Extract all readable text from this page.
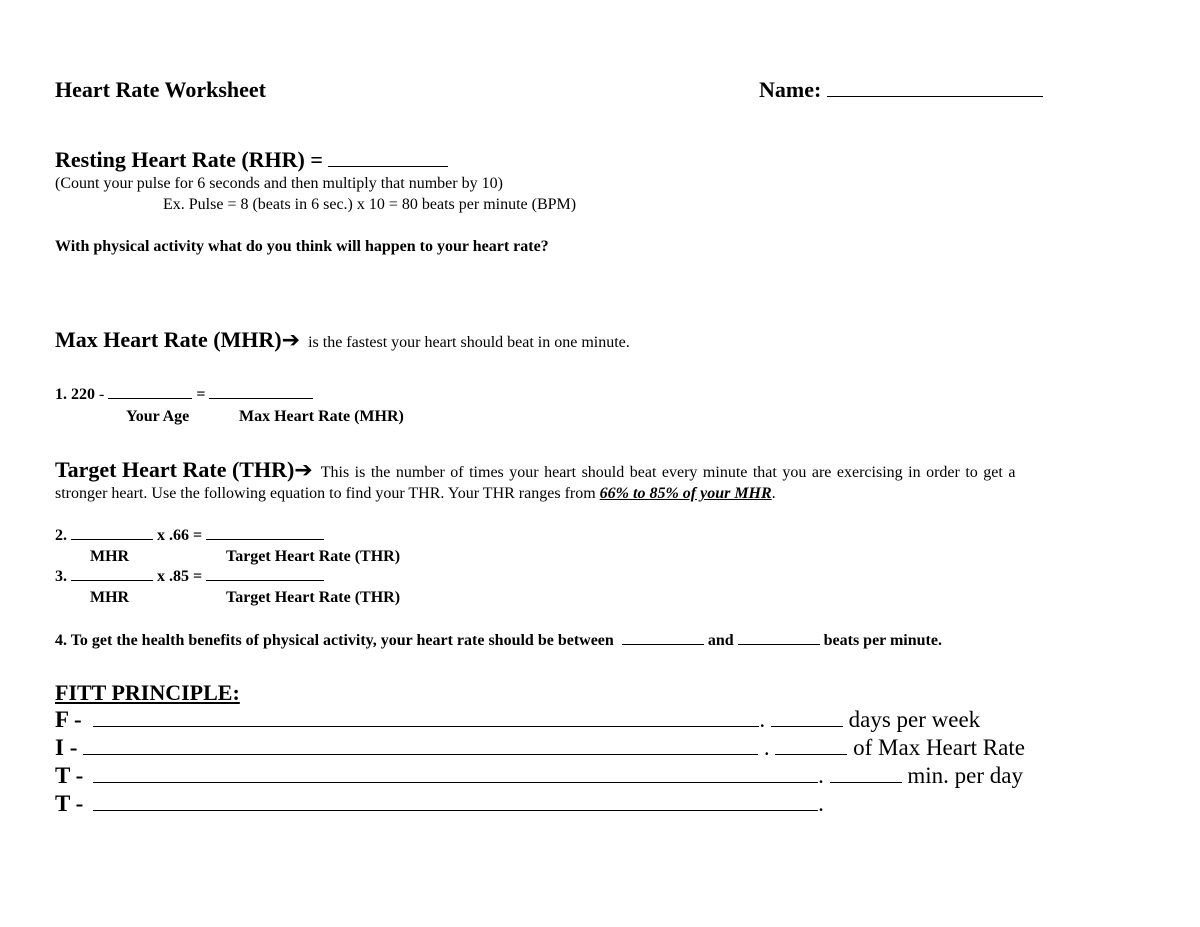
Heart Rate Worksheet	Name:
Resting Heart Rate (RHR) =
(Count your pulse for 6 seconds and then multiply that number by 10)
Ex. Pulse = 8 (beats in 6 sec.) x 10 = 80 beats per minute (BPM)
With physical activity what do you think will happen to your heart rate?
Max Heart Rate (MHR)➔ is the fastest your heart should beat in one minute.
1. 220 -	=
Your Age	Max Heart Rate (MHR)
Target Heart Rate (THR)➔ This is the number of times your heart should beat every minute that you are exercising in order to get a
stronger heart. Use the following equation to find your THR. Your THR ranges from 66% to 85% of your MHR.
2.	x .66 =
MHR	Target Heart Rate (THR)
3.	x .85 =
MHR	Target Heart Rate (THR)
4. To get the health benefits of physical activity, your heart rate should be between	and	beats per minute.
FITT PRINCIPLE:
F -	.	days per week
I -	.	of Max Heart Rate
T -	.	min. per day
T -	.
